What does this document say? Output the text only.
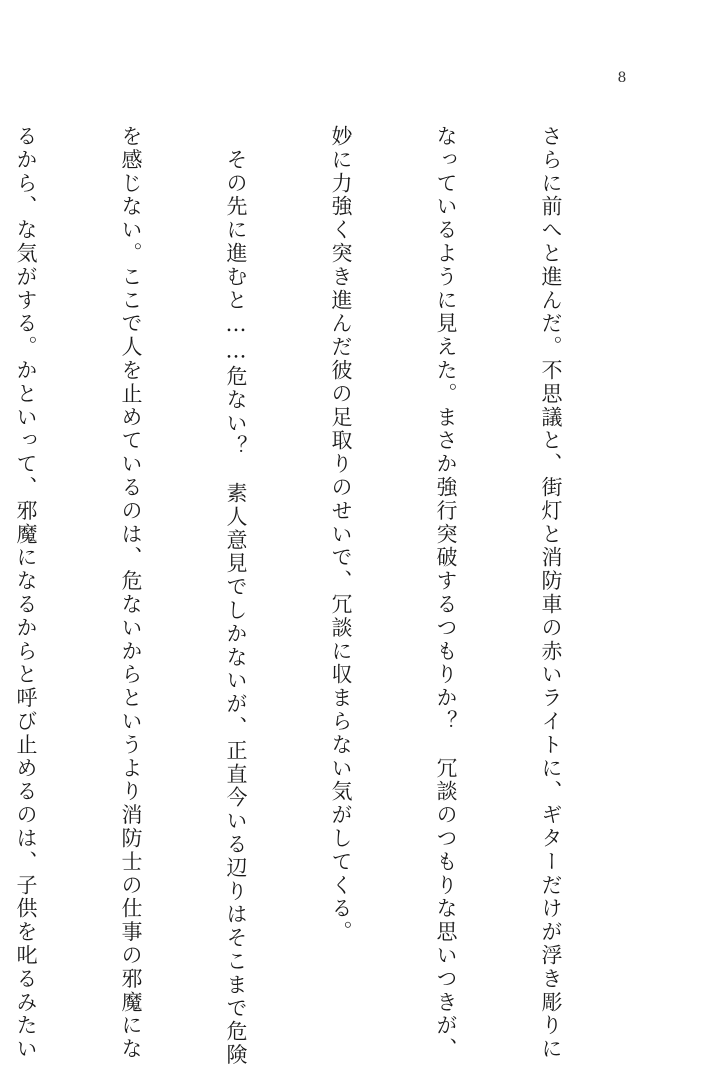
8

さらに前へと進んだ。不思議と、街灯と消防車の赤いライトに、ギターだけが浮き彫りに

なっているように見えた。まさか強行突破するつもりか？　冗談のつもりな思いつきが、

妙に力強く突き進んだ彼の足取りのせいで、冗談に収まらない気がしてくる。

　その先に進むと……危ない？　素人意見でしかないが、正直今いる辺りはそこまで危険

を感じない。ここで人を止めているのは、危ないからというより消防士の仕事の邪魔にな

るから、な気がする。かといって、邪魔になるからと呼び止めるのは、子供を叱るみたい
